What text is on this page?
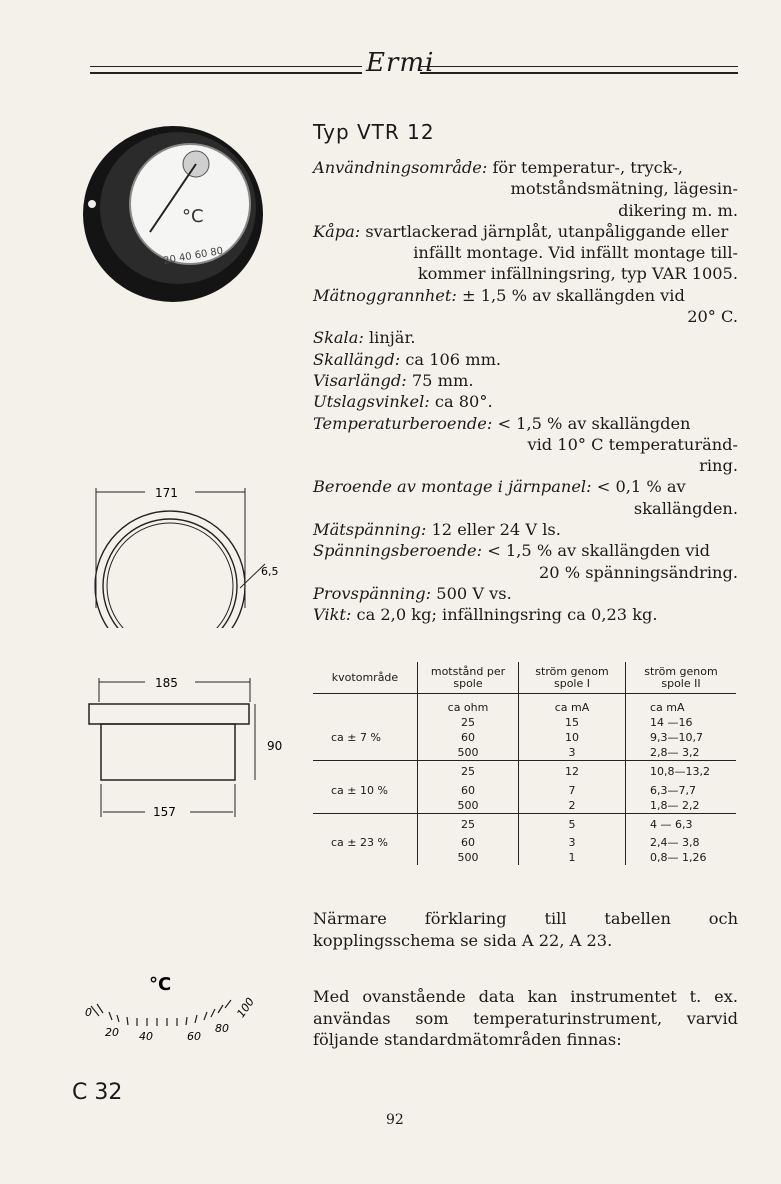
Ermi
°C
20 40 60 80
171
6,5
185
90
157
°C
0
20 40	60
80
100
Typ VTR 12
Användningsområde: för temperatur-, tryck-,
motståndsmätning, lägesin-
dikering m. m.
Kåpa: svartlackerad järnplåt, utanpåliggande eller
infällt montage. Vid infällt montage till-
kommer infällningsring, typ VAR 1005.
Mätnoggrannhet: ± 1,5 % av skallängden vid
20° C.
Skala: linjär.
Skallängd: ca 106 mm.
Visarlängd: 75 mm.
Utslagsvinkel: ca 80°.
Temperaturberoende: < 1,5 % av skallängden
vid 10° C temperaturänd-
ring.
Beroende av montage i järnpanel: < 0,1 % av
skallängden.
Mätspänning: 12 eller 24 V ls.
Spänningsberoende: < 1,5 % av skallängden vid
20 % spänningsändring.
Provspänning: 500 V vs.
Vikt: ca 2,0 kg; infällningsring ca 0,23 kg.
kvotområde	motstånd per spole	ström genom spole I	ström genom spole II
	ca ohm	ca mA	ca mA
	25	15	14 —16
ca ± 7 %	60	10	9,3—10,7
	500	3	2,8— 3,2
	25	12	10,8—13,2
ca ± 10 %	60	7	6,3—7,7
	500	2	1,8— 2,2
	25	5	4 — 6,3
ca ± 23 %	60	3	2,4— 3,8
	500	1	0,8— 1,26
Närmare förklaring till tabellen och kopplingsschema se sida A 22, A 23.
Med ovanstående data kan instrumentet t. ex. användas som temperaturinstrument, varvid följande standardmätområden finnas:
C 32
92
